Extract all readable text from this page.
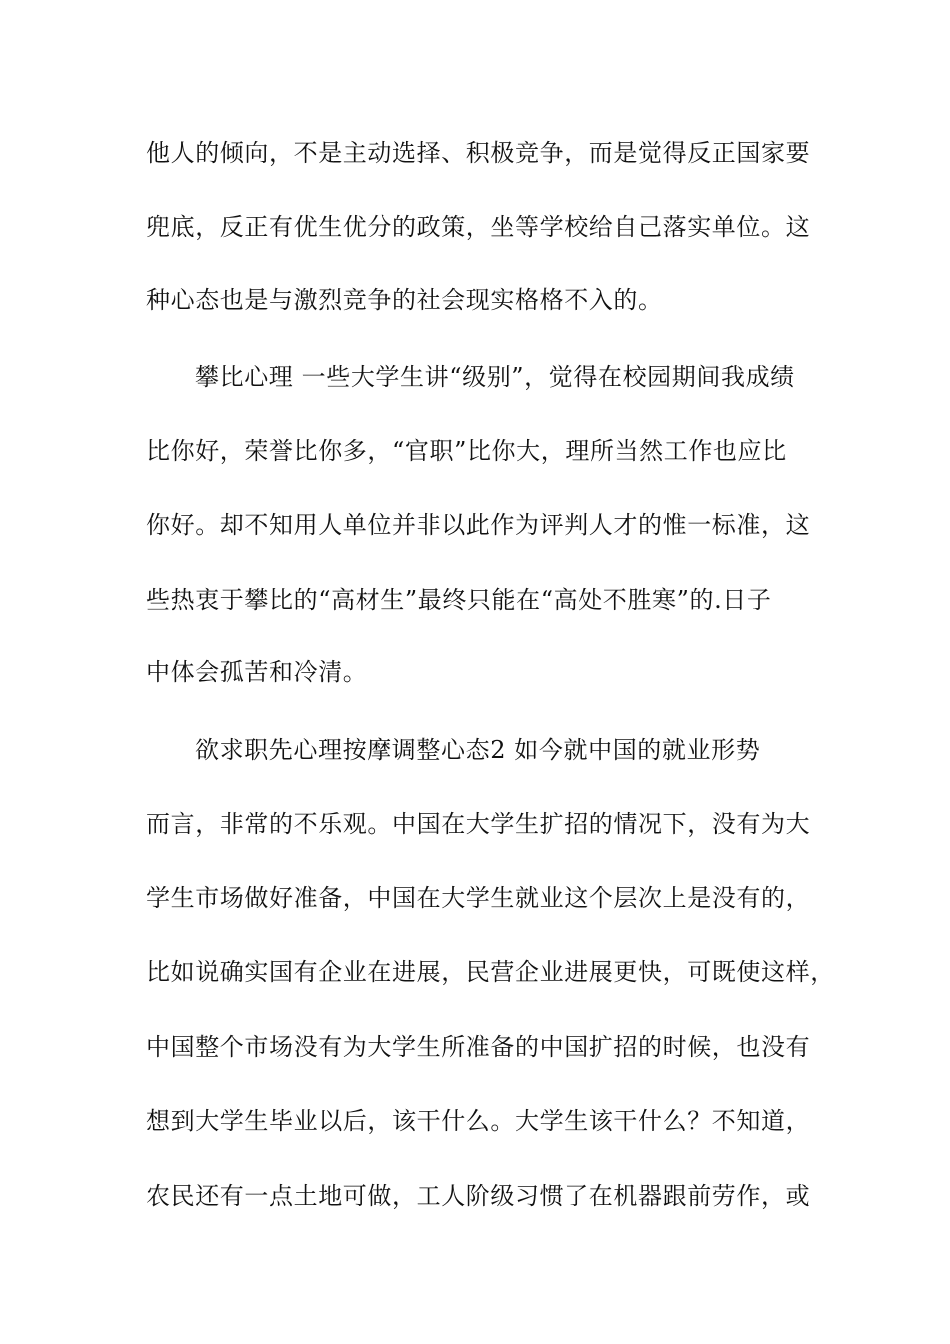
他人的倾向，不是主动选择、积极竞争，而是觉得反正国家要
兜底，反正有优生优分的政策，坐等学校给自己落实单位。这
种心态也是与激烈竞争的社会现实格格不入的。
攀比心理 一些大学生讲“级别”，觉得在校园期间我成绩
比你好，荣誉比你多，“官职”比你大，理所当然工作也应比
你好。却不知用人单位并非以此作为评判人才的惟一标准，这
些热衷于攀比的“高材生”最终只能在“高处不胜寒”的.日子
中体会孤苦和冷清。
欲求职先心理按摩调整心态2 如今就中国的就业形势
而言，非常的不乐观。中国在大学生扩招的情况下，没有为大
学生市场做好准备，中国在大学生就业这个层次上是没有的，
比如说确实国有企业在进展，民营企业进展更快，可既使这样，
中国整个市场没有为大学生所准备的中国扩招的时候，也没有
想到大学生毕业以后，该干什么。大学生该干什么？不知道，
农民还有一点土地可做，工人阶级习惯了在机器跟前劳作，或
